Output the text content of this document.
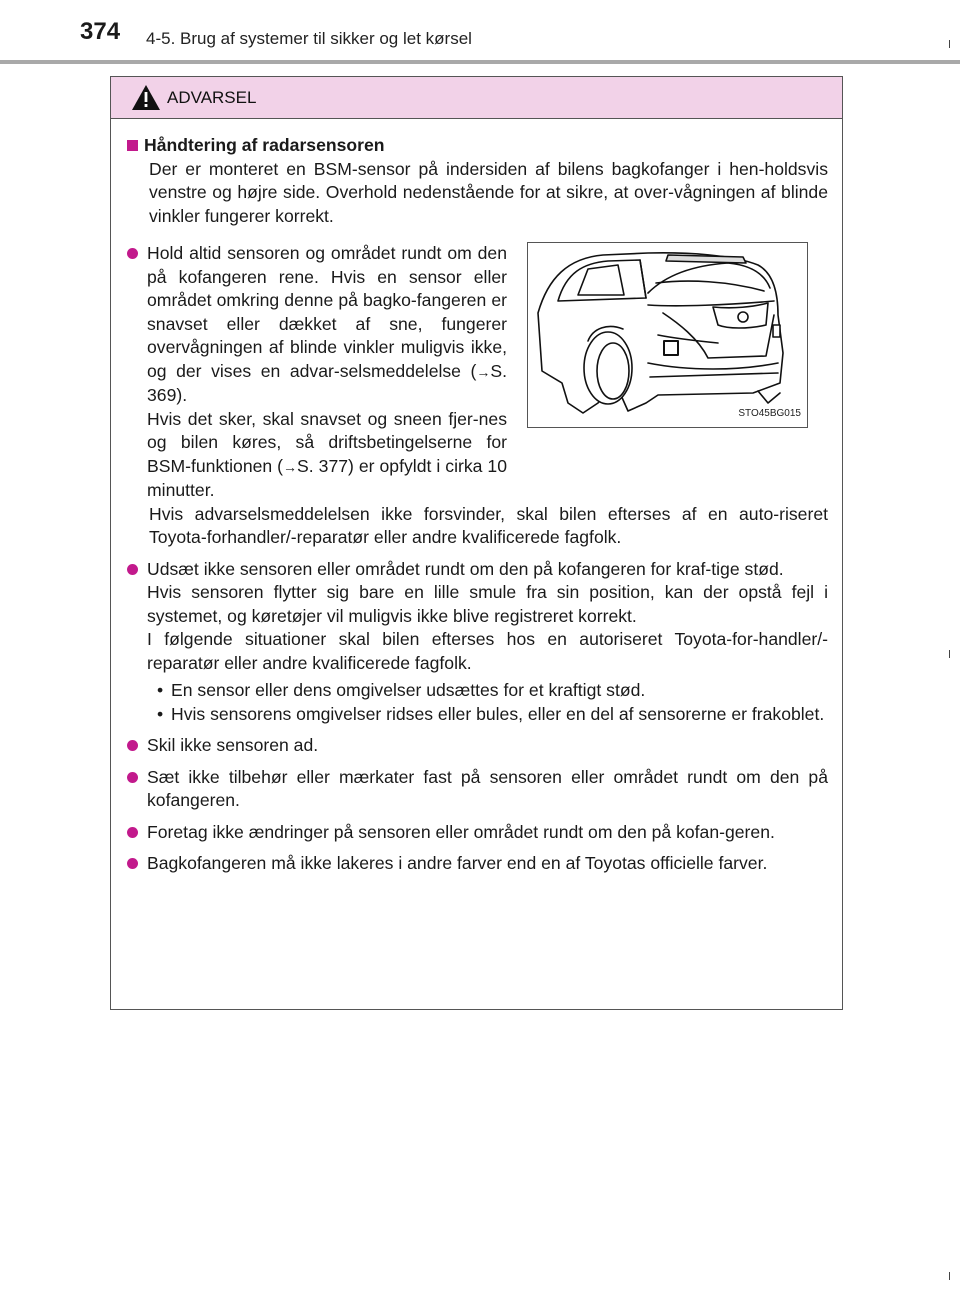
374 4-5. Brug af systemer til sikker og let kørsel
ADVARSEL
Håndtering af radarsensoren
Der er monteret en BSM-sensor på indersiden af bilens bagkofanger i hen-holdsvis venstre og højre side. Overhold nedenstående for at sikre, at over-vågningen af blinde vinkler fungerer korrekt.
Hold altid sensoren og området rundt om den på kofangeren rene. Hvis en sensor eller området omkring denne på bagko-fangeren er snavset eller dækket af sne, fungerer overvågningen af blinde vinkler muligvis ikke, og der vises en advar-selsmeddelelse (→S. 369).
Hvis det sker, skal snavset og sneen fjer-nes og bilen køres, så driftsbetingelserne for BSM-funktionen (→S. 377) er opfyldt i cirka 10 minutter.
STO45BG015
Hvis advarselsmeddelelsen ikke forsvinder, skal bilen efterses af en auto-riseret Toyota-forhandler/-reparatør eller andre kvalificerede fagfolk.
Udsæt ikke sensoren eller området rundt om den på kofangeren for kraf-tige stød.
Hvis sensoren flytter sig bare en lille smule fra sin position, kan der opstå fejl i systemet, og køretøjer vil muligvis ikke blive registreret korrekt.
I følgende situationer skal bilen efterses hos en autoriseret Toyota-for-handler/-reparatør eller andre kvalificerede fagfolk.
• En sensor eller dens omgivelser udsættes for et kraftigt stød.
• Hvis sensorens omgivelser ridses eller bules, eller en del af sensorerne er frakoblet.
Skil ikke sensoren ad.
Sæt ikke tilbehør eller mærkater fast på sensoren eller området rundt om den på kofangeren.
Foretag ikke ændringer på sensoren eller området rundt om den på kofan-geren.
Bagkofangeren må ikke lakeres i andre farver end en af Toyotas officielle farver.
